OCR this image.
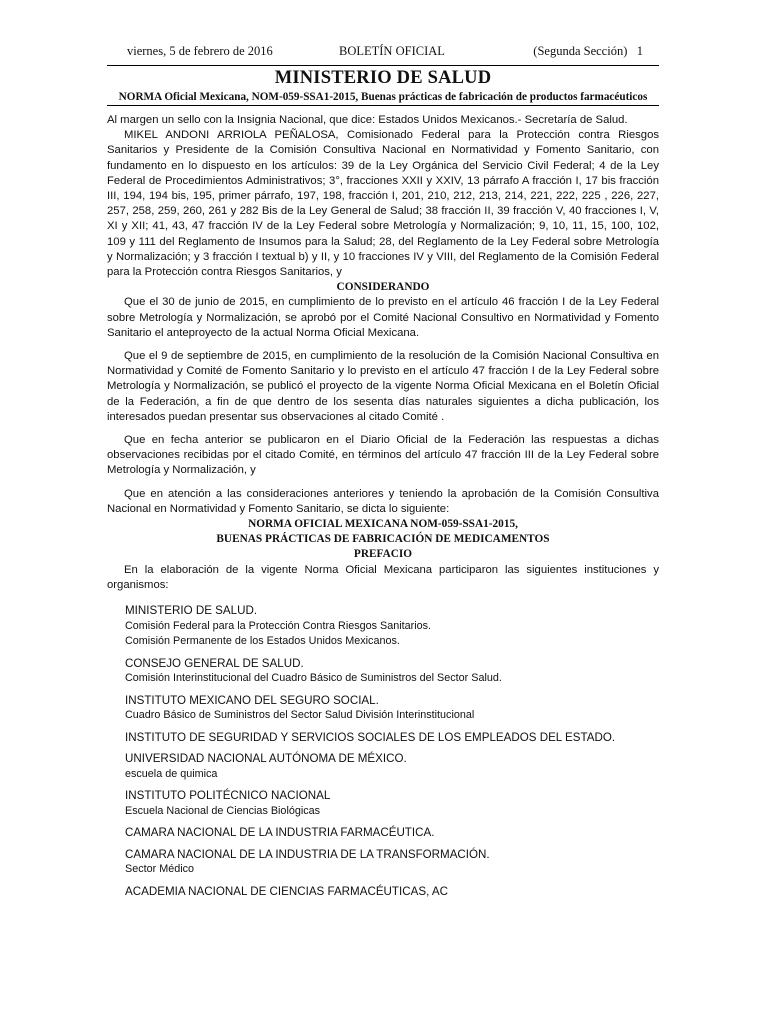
viernes, 5 de febrero de 2016	BOLETÍN OFICIAL	(Segunda Sección) 1
MINISTERIO DE SALUD
NORMA Oficial Mexicana, NOM-059-SSA1-2015, Buenas prácticas de fabricación de productos farmacéuticos

Al margen un sello con la Insignia Nacional, que dice: Estados Unidos Mexicanos.- Secretaría de Salud.

MIKEL ANDONI ARRIOLA PEÑALOSA, Comisionado Federal para la Protección contra Riesgos Sanitarios y Presidente de la Comisión Consultiva Nacional en Normatividad y Fomento Sanitario, con fundamento en lo dispuesto en los artículos: 39 de la Ley Orgánica del Servicio Civil Federal; 4 de la Ley Federal de Procedimientos Administrativos; 3°, fracciones XXII y XXIV, 13 párrafo A fracción I, 17 bis fracción III, 194, 194 bis, 195, primer párrafo, 197, 198, fracción I, 201, 210, 212, 213, 214, 221, 222, 225 , 226, 227, 257, 258, 259, 260, 261 y 282 Bis de la Ley General de Salud; 38 fracción II, 39 fracción V, 40 fracciones I, V, XI y XII; 41, 43, 47 fracción IV de la Ley Federal sobre Metrología y Normalización; 9, 10, 11, 15, 100, 102, 109 y 111 del Reglamento de Insumos para la Salud; 28, del Reglamento de la Ley Federal sobre Metrología y Normalización; y 3 fracción I textual b) y II, y 10 fracciones IV y VIII, del Reglamento de la Comisión Federal para la Protección contra Riesgos Sanitarios, y

CONSIDERANDO

Que el 30 de junio de 2015, en cumplimiento de lo previsto en el artículo 46 fracción I de la Ley Federal sobre Metrología y Normalización, se aprobó por el Comité Nacional Consultivo en Normatividad y Fomento Sanitario el anteproyecto de la actual Norma Oficial Mexicana.

Que el 9 de septiembre de 2015, en cumplimiento de la resolución de la Comisión Nacional Consultiva en Normatividad y Comité de Fomento Sanitario y lo previsto en el artículo 47 fracción I de la Ley Federal sobre Metrología y Normalización, se publicó el proyecto de la vigente Norma Oficial Mexicana en el Boletín Oficial de la Federación, a fin de que dentro de los sesenta días naturales siguientes a dicha publicación, los interesados puedan presentar sus observaciones al citado Comité .

Que en fecha anterior se publicaron en el Diario Oficial de la Federación las respuestas a dichas observaciones recibidas por el citado Comité, en términos del artículo 47 fracción III de la Ley Federal sobre Metrología y Normalización, y

Que en atención a las consideraciones anteriores y teniendo la aprobación de la Comisión Consultiva Nacional en Normatividad y Fomento Sanitario, se dicta lo siguiente:

NORMA OFICIAL MEXICANA NOM-059-SSA1-2015,

BUENAS PRÁCTICAS DE FABRICACIÓN DE MEDICAMENTOS

PREFACIO

En la elaboración de la vigente Norma Oficial Mexicana participaron las siguientes instituciones y organismos:

MINISTERIO DE SALUD.
Comisión Federal para la Protección Contra Riesgos Sanitarios.
Comisión Permanente de los Estados Unidos Mexicanos.
CONSEJO GENERAL DE SALUD.
Comisión Interinstitucional del Cuadro Básico de Suministros del Sector Salud.
INSTITUTO MEXICANO DEL SEGURO SOCIAL.
Cuadro Básico de Suministros del Sector Salud División Interinstitucional
INSTITUTO DE SEGURIDAD Y SERVICIOS SOCIALES DE LOS EMPLEADOS DEL ESTADO.
UNIVERSIDAD NACIONAL AUTÓNOMA DE MÉXICO.
escuela de quimica
INSTITUTO POLITÉCNICO NACIONAL
Escuela Nacional de Ciencias Biológicas
CAMARA NACIONAL DE LA INDUSTRIA FARMACÉUTICA.
CAMARA NACIONAL DE LA INDUSTRIA DE LA TRANSFORMACIÓN.
Sector Médico
ACADEMIA NACIONAL DE CIENCIAS FARMACÉUTICAS, AC
